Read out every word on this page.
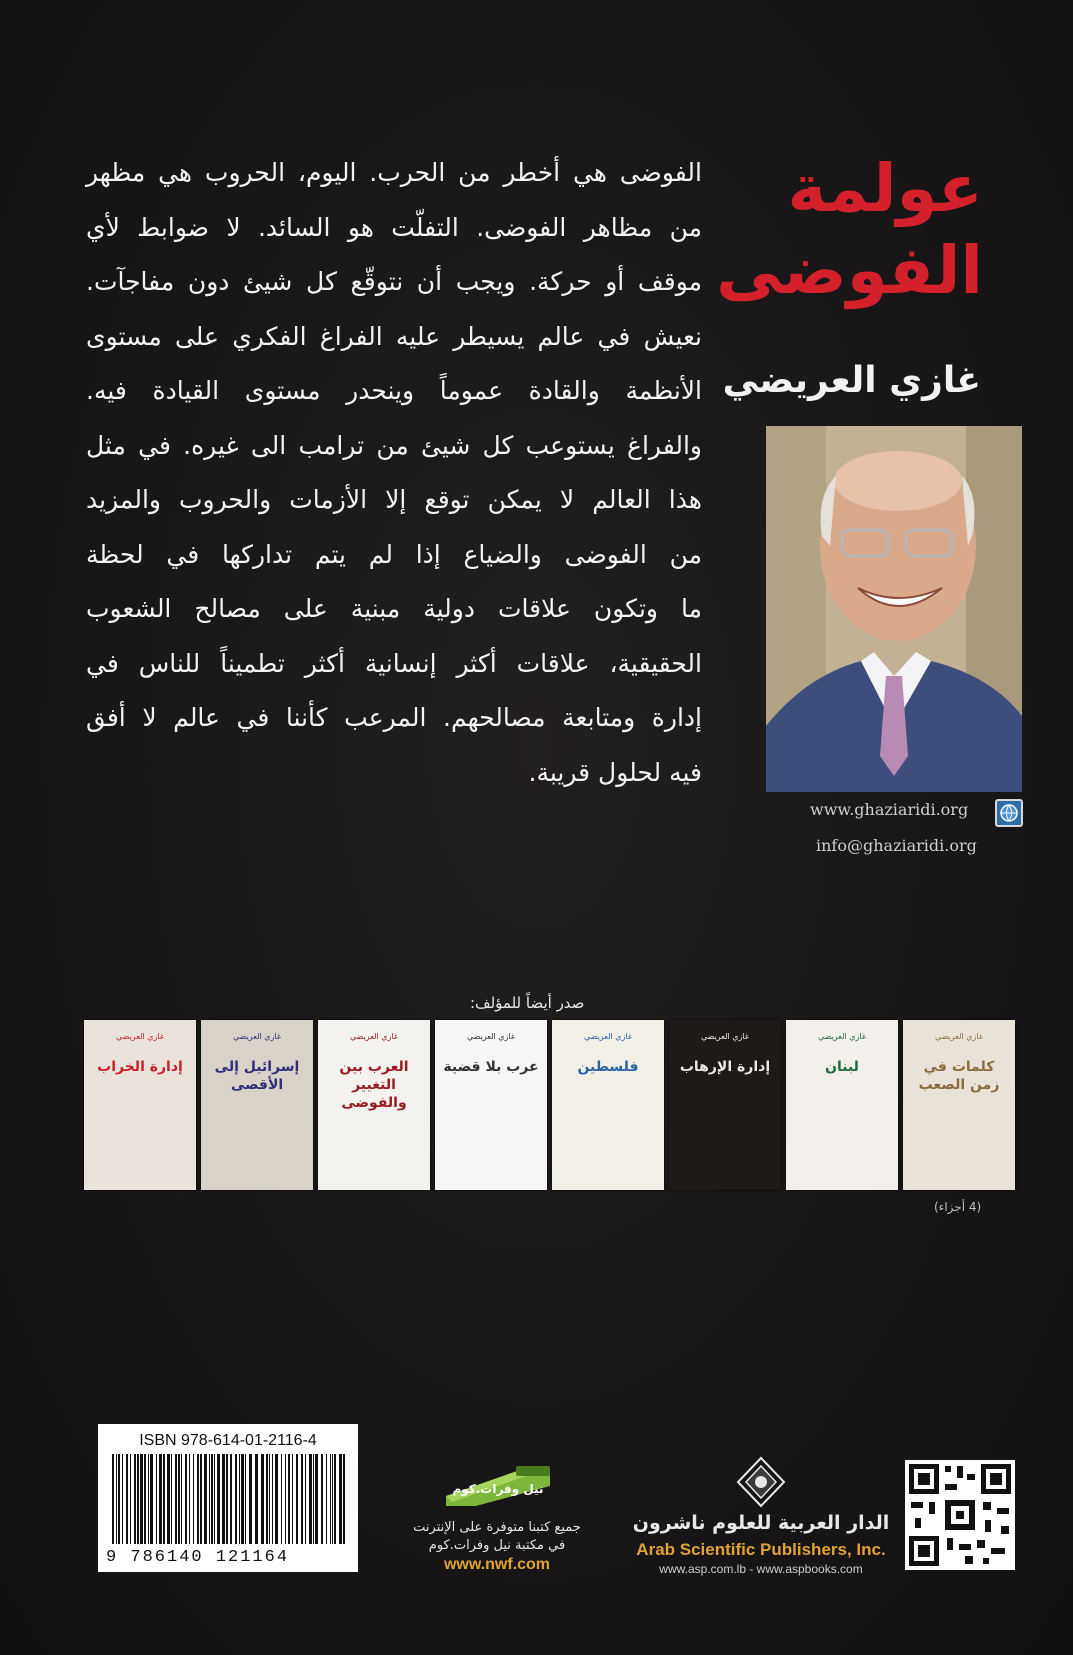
عولمة
الفوضى
غازي العريضي
الفوضى هي أخطر من الحرب. اليوم، الحروب هي مظهر
من مظاهر الفوضى. التفلّت هو السائد. لا ضوابط لأي
موقف أو حركة. ويجب أن نتوقّع كل شيئ دون مفاجآت.
نعيش في عالم يسيطر عليه الفراغ الفكري على مستوى
الأنظمة والقادة عموماً وينحدر مستوى القيادة فيه.
والفراغ يستوعب كل شيئ من ترامب الى غيره. في مثل
هذا العالم لا يمكن توقع إلا الأزمات والحروب والمزيد
من الفوضى والضياع إذا لم يتم تداركها في لحظة
ما وتكون علاقات دولية مبنية على مصالح الشعوب
الحقيقية، علاقات أكثر إنسانية أكثر تطميناً للناس في
إدارة ومتابعة مصالحهم. المرعب كأننا في عالم لا أفق
فيه لحلول قريبة.
www.ghaziaridi.org
info@ghaziaridi.org
صدر أيضاً للمؤلف:
غازي العريضي
إدارة الخراب
غازي العريضي
إسرائيل إلى الأقصى
غازي العريضي
العرب بين التغيير والفوضى
غازي العريضي
عرب بلا قضية
غازي العريضي
فلسطين
غازي العريضي
إدارة الإرهاب
غازي العريضي
لبنان
غازي العريضي
كلمات في زمن الصعب
(4 أجزاء)
الدار العربية للعلوم ناشرون
Arab Scientific Publishers, Inc.
www.asp.com.lb - www.aspbooks.com
نيل وفرات.كوم
جميع كتبنا متوفرة على الإنترنت
في مكتبة نيل وفرات.كوم
www.nwf.com
ISBN 978-614-01-2116-4
9 786140 121164
